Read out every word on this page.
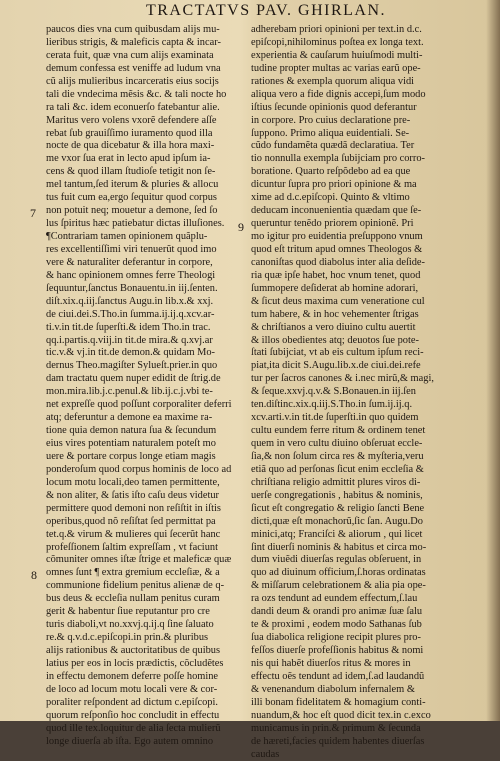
TRACTATVS PAV. GHIRLAN.
7
8
9
paucos dies vna cum quibusdam alijs mu-
lieribus strigis, & maleficis capta & incar-
cerata fuit, quæ vna cum alijs examinata
demum confessa est veniffe ad ludum vna
cũ alijs mulieribus incarceratis eius socijs
tali die vndecima mẽsis &c. & tali nocte ho
ra tali &c. idem econuerſo fatebantur alie.
Maritus vero volens vxorẽ defendere aſſe
rebat ſub grauiſſimo iuramento quod illa
nocte de qua dicebatur & illa hora maxi-
me vxor ſua erat in lecto apud ipſum ia-
cens & quod illam ſtudioſe tetigit non ſe-
mel tantum,ſed iterum & pluries & allocu
tus fuit cum ea,ergo ſequitur quod corpus
non potuit neq; mouetur a demone, ſed ſo
lus ſpiritus hæc patiebatur dictas illuſiones.
¶Contrariam tamen opinionem quãplu-
res excellentiſſimi viri tenuerũt quod imo
vere & naturaliter deferantur in corpore,
& hanc opinionem omnes ferre Theologi
ſequuntur,ſanctus Bonauentu.in iij.ſenten.
diſt.xix.q.iij.ſanctus Augu.in lib.x.& xxj.
de ciui.dei.S.Tho.in ſumma.ij.ij.q.xcv.ar-
ti.v.in tit.de ſuperſti.& idem Tho.in trac.
qq.i.partis.q.viij.in tit.de mira.& q.xvj.ar
tic.v.& vj.in tit.de demon.& quidam Mo-
dernus Theo.magiſter Sylueſt.prier.in quo
dam tractatu quem nuper edidit de ſtrig.de
mon.mira.lib.j.c.penul.& lib.ij.c.j.vbi te-
net expreſſe quod poſſunt corporaliter deferri
atq; deferuntur a demone ea maxime ra-
tione quia demon natura ſua & ſecundum
eius vires potentiam naturalem poteſt mo
uere & portare corpus longe etiam magis
ponderoſum quod corpus hominis de loco ad
locum motu locali,deo tamen permittente,
& non aliter, & ſatis iſto caſu deus videtur
permittere quod demoni non reſiſtit in iſtis
operibus,quod nõ reſiſtat ſed permittat pa
tet.q.& virum & mulieres qui ſecerũt hanc
profeſſionem ſaltim expreſſam , vt faciunt
cõmuniter omnes iſtæ ſtrige et maleficæ quæ
omnes ſunt ¶ extra gremium eccleſiæ, & a
communione fidelium penitus alienæ de q-
bus deus & eccleſia nullam penitus curam
gerit & habentur ſiue reputantur pro cre
turis diaboli,vt no.xxvj.q.ij.q ſine ſaluato
re.& q.v.d.c.epiſcopi.in prin.& pluribus
alijs rationibus & auctoritatibus de quibus
latius per eos in locis prædictis, cõcludẽtes
in effectu demonem deferre poſſe homine
de loco ad locum motu locali vere & cor-
poraliter reſpondent ad dictum c.epiſcopi.
quorum reſponſio hoc concludit in effectu
quod ille tex.loquitur de alia ſecta mulierũ
longe diuerſa ab iſta. Ego autem omnino
adherebam priori opinioni per text.in d.c.
epiſcopi,nihilominus poſtea ex longa text.
experientia & cauſarum huiuſmodi multi-
tudine propter multas ac varias earũ ope-
rationes & exempla quorum aliqua vidi
aliqua vero a fide dignis accepi,ſum modo
iſtius ſecunde opinionis quod deferantur
in corpore. Pro cuius declaratione pre-
ſuppono. Primo aliqua euidentiali. Se-
cũdo fundamẽta quædã declaratiua. Ter
tio nonnulla exempla ſubijciam pro corro-
boratione. Quarto reſpõdebo ad ea que
dicuntur ſupra pro priori opinione & ma
xime ad d.c.epiſcopi. Quinto & vltimo
deducam inconuenientia quædam que ſe-
queruntur tenẽdo priorem opinionẽ. Pri
mo igitur pro euidentia preſuppono vnum
quod eſt tritum apud omnes Theologos &
canoniſtas quod diabolus inter alia deſide-
ria quæ ipſe habet, hoc vnum tenet, quod
ſummopere deſiderat ab homine adorari,
& ſicut deus maxima cum veneratione cul
tum habere, & in hoc vehementer ſtrigas
& chriſtianos a vero diuino cultu auertit
& illos obedientes atq; deuotos ſue pote-
ſtati ſubijciat, vt ab eis cultum ipſum reci-
piat,ita dicit S.Augu.lib.x.de ciui.dei.refe
tur per ſacros canones & i.nec mirũ,& magi,
& ſeque.xxvj.q.v.& S.Bonauen.in iij.ſen
ten.diſtinc.xix.q.iij.S.Tho.in ſum.ij.ij.q.
xcv.arti.v.in tit.de ſuperſti.in quo quidem
cultu eundem ferre ritum & ordinem tenet
quem in vero cultu diuino obſeruat eccle-
ſia,& non ſolum circa res & myſteria,veru
etiã quo ad perſonas ſicut enim eccleſia &
chriſtiana religio admittit plures viros di-
uerſe congregationis , habitus & nominis,
ſicut eſt congregatio & religio ſancti Bene
dicti,quæ eſt monachorũ,ſic ſan. Augu.Do
minici,atq; Franciſci & aliorum , qui licet
ſint diuerſi nominis & habitus et circa mo-
dum viuẽdi diuerſas regulas obſeruent, in
quo ad diuinum officium,ſ.horas ordinatas
& miſſarum celebrationem & alia pia ope-
ra ozs tendunt ad eundem effectum,ſ.lau
dandi deum & orandi pro animæ ſuæ ſalu
te & proximi , eodem modo Sathanas ſub
ſua diabolica religione recipit plures pro-
feſſos diuerſe profeſſionis habitus & nomi
nis qui habẽt diuerſos ritus & mores in
effectu oẽs tendunt ad idem,ſ.ad laudandũ
& venenandum diabolum infernalem &
illi bonam fidelitatem & homagium conti-
nuandum,& hoc eſt quod dicit tex.in c.exco
municamus in prin.& primum & ſecunda
de hæreti,facies quidem habentes diuerſas
caudas
